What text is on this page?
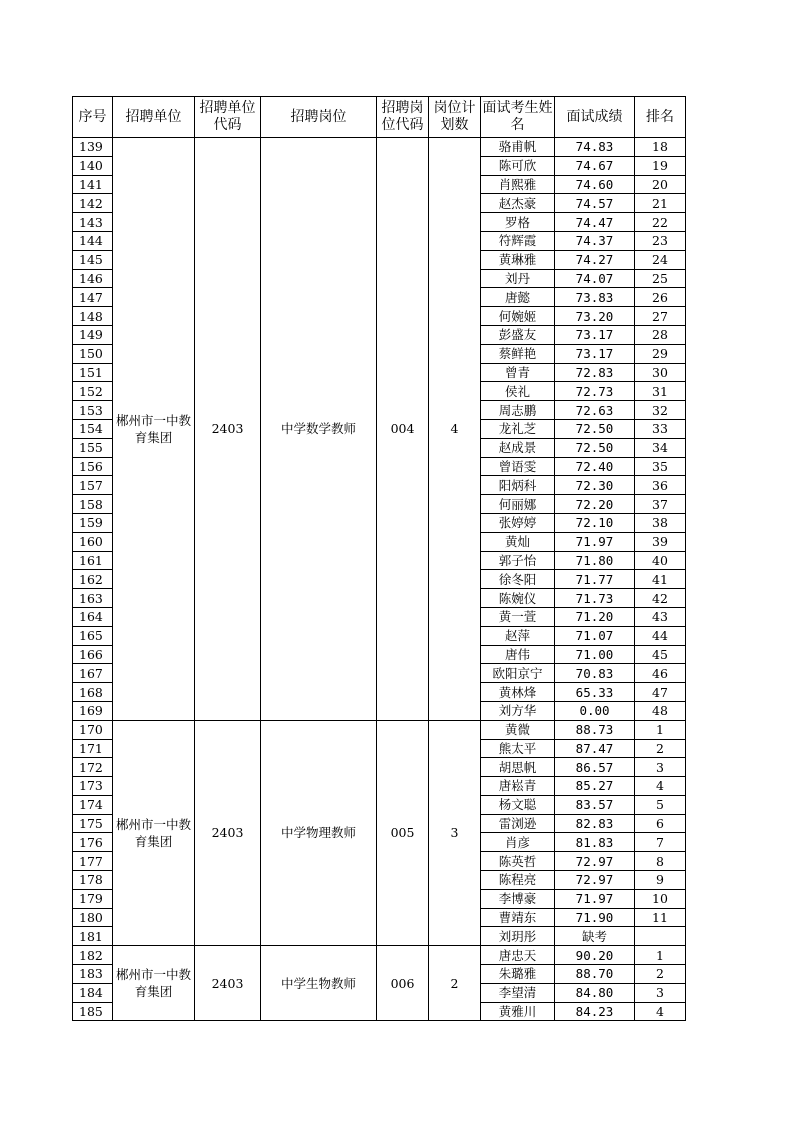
序号	招聘单位	招聘单位代码	招聘岗位	招聘岗位代码	岗位计划数	面试考生姓名	面试成绩	排名
139	郴州市一中教育集团	2403	中学数学教师	004	4	骆甫帆	74.83	18
140						陈可欣	74.67	19
141						肖熙雅	74.60	20
142						赵杰豪	74.57	21
143						罗格	74.47	22
144						符辉霞	74.37	23
145						黄琳雅	74.27	24
146						刘丹	74.07	25
147						唐懿	73.83	26
148						何婉姬	73.20	27
149						彭盛友	73.17	28
150						蔡鲜艳	73.17	29
151						曾青	72.83	30
152						侯礼	72.73	31
153						周志鹏	72.63	32
154						龙礼芝	72.50	33
155						赵成景	72.50	34
156						曾语雯	72.40	35
157						阳炳科	72.30	36
158						何丽娜	72.20	37
159						张婷婷	72.10	38
160						黄灿	71.97	39
161						郭子怡	71.80	40
162						徐冬阳	71.77	41
163						陈婉仪	71.73	42
164						黄一萱	71.20	43
165						赵萍	71.07	44
166						唐伟	71.00	45
167						欧阳京宁	70.83	46
168						黄林烽	65.33	47
169						刘方华	0.00	48
170	郴州市一中教育集团	2403	中学物理教师	005	3	黄微	88.73	1
171						熊太平	87.47	2
172						胡思帆	86.57	3
173						唐崧青	85.27	4
174						杨文聪	83.57	5
175						雷浏逊	82.83	6
176						肖彦	81.83	7
177						陈英哲	72.97	8
178						陈程亮	72.97	9
179						李博豪	71.97	10
180						曹靖东	71.90	11
181						刘玥彤	缺考	
182	郴州市一中教育集团	2403	中学生物教师	006	2	唐忠天	90.20	1
183						朱璐雅	88.70	2
184						李望清	84.80	3
185						黄雅川	84.23	4
